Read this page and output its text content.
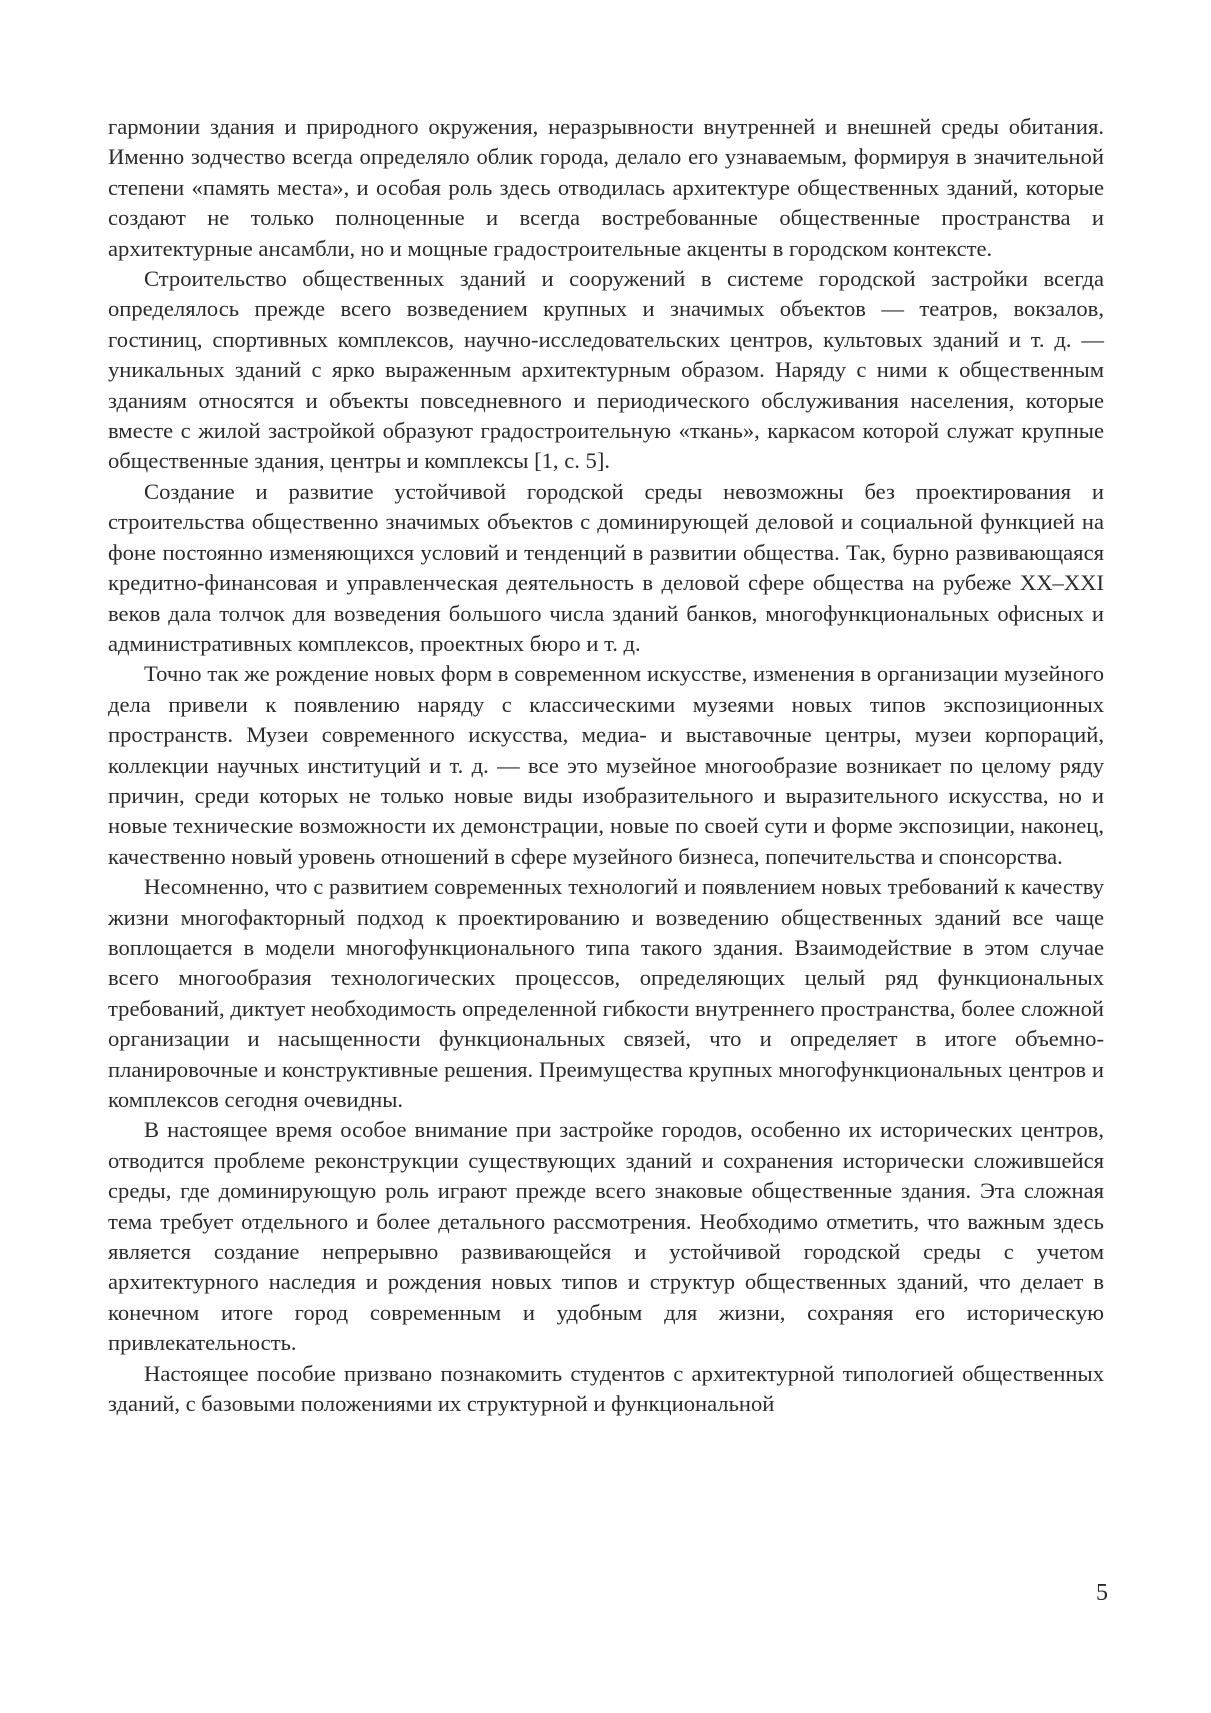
гармонии здания и природного окружения, неразрывности внутренней и внешней среды обитания. Именно зодчество всегда определяло облик города, делало его узнаваемым, формируя в значительной степени «память места», и особая роль здесь отводилась архитектуре общественных зданий, которые создают не только полноценные и всегда востребованные общественные пространства и архитектурные ансамбли, но и мощные градостроительные акценты в городском контексте.

Строительство общественных зданий и сооружений в системе городской застройки всегда определялось прежде всего возведением крупных и значимых объектов — театров, вокзалов, гостиниц, спортивных комплексов, научно-исследовательских центров, культовых зданий и т. д. — уникальных зданий с ярко выраженным архитектурным образом. Наряду с ними к общественным зданиям относятся и объекты повседневного и периодического обслуживания населения, которые вместе с жилой застройкой образуют градостроительную «ткань», каркасом которой служат крупные общественные здания, центры и комплексы [1, с. 5].

Создание и развитие устойчивой городской среды невозможны без проектирования и строительства общественно значимых объектов с доминирующей деловой и социальной функцией на фоне постоянно изменяющихся условий и тенденций в развитии общества. Так, бурно развивающаяся кредитно-финансовая и управленческая деятельность в деловой сфере общества на рубеже XX–XXI веков дала толчок для возведения большого числа зданий банков, многофункциональных офисных и административных комплексов, проектных бюро и т. д.

Точно так же рождение новых форм в современном искусстве, изменения в организации музейного дела привели к появлению наряду с классическими музеями новых типов экспозиционных пространств. Музеи современного искусства, медиа- и выставочные центры, музеи корпораций, коллекции научных институций и т. д. — все это музейное многообразие возникает по целому ряду причин, среди которых не только новые виды изобразительного и выразительного искусства, но и новые технические возможности их демонстрации, новые по своей сути и форме экспозиции, наконец, качественно новый уровень отношений в сфере музейного бизнеса, попечительства и спонсорства.

Несомненно, что с развитием современных технологий и появлением новых требований к качеству жизни многофакторный подход к проектированию и возведению общественных зданий все чаще воплощается в модели многофункционального типа такого здания. Взаимодействие в этом случае всего многообразия технологических процессов, определяющих целый ряд функциональных требований, диктует необходимость определенной гибкости внутреннего пространства, более сложной организации и насыщенности функциональных связей, что и определяет в итоге объемно-планировочные и конструктивные решения. Преимущества крупных многофункциональных центров и комплексов сегодня очевидны.

В настоящее время особое внимание при застройке городов, особенно их исторических центров, отводится проблеме реконструкции существующих зданий и сохранения исторически сложившейся среды, где доминирующую роль играют прежде всего знаковые общественные здания. Эта сложная тема требует отдельного и более детального рассмотрения. Необходимо отметить, что важным здесь является создание непрерывно развивающейся и устойчивой городской среды с учетом архитектурного наследия и рождения новых типов и структур общественных зданий, что делает в конечном итоге город современным и удобным для жизни, сохраняя его историческую привлекательность.

Настоящее пособие призвано познакомить студентов с архитектурной типологией общественных зданий, с базовыми положениями их структурной и функциональной

5
